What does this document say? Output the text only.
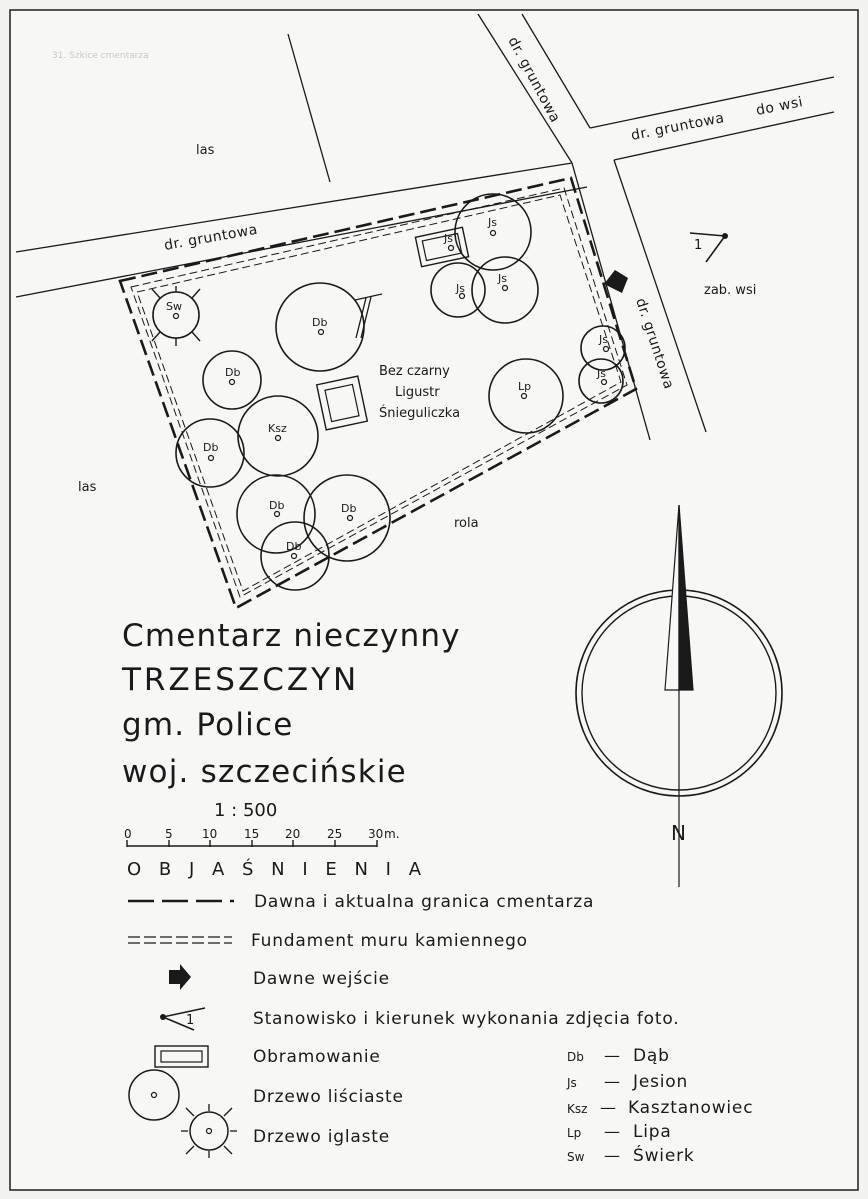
31. Szkice cmentarza
las
las
dr. gruntowa
dr. gruntowa
dr. gruntowa
do wsi
dr. gruntowa
zab. wsi
rola
1
Js
Js
Js
Js
Js
Js
Sw
Db
Db
Lp
Ksz
Db
Db	Db
Db
Bez czarny
Ligustr
Śnieguliczka
Cmentarz nieczynny
TRZESZCZYN
gm. Police
woj. szczecińskie
1 : 500
0	5 10 15 20 25 30 m.	N
O B J A Ś N I E N I A
Dawna i aktualna granica cmentarza
Fundament muru kamiennego
Dawne wejście
1	Stanowisko i kierunek wykonania zdjęcia foto.
Obramowanie
Drzewo liściaste
Drzewo iglaste
Db — Dąb
Js — Jesion
Ksz — Kasztanowiec
Lp — Lipa
Sw — Świerk
